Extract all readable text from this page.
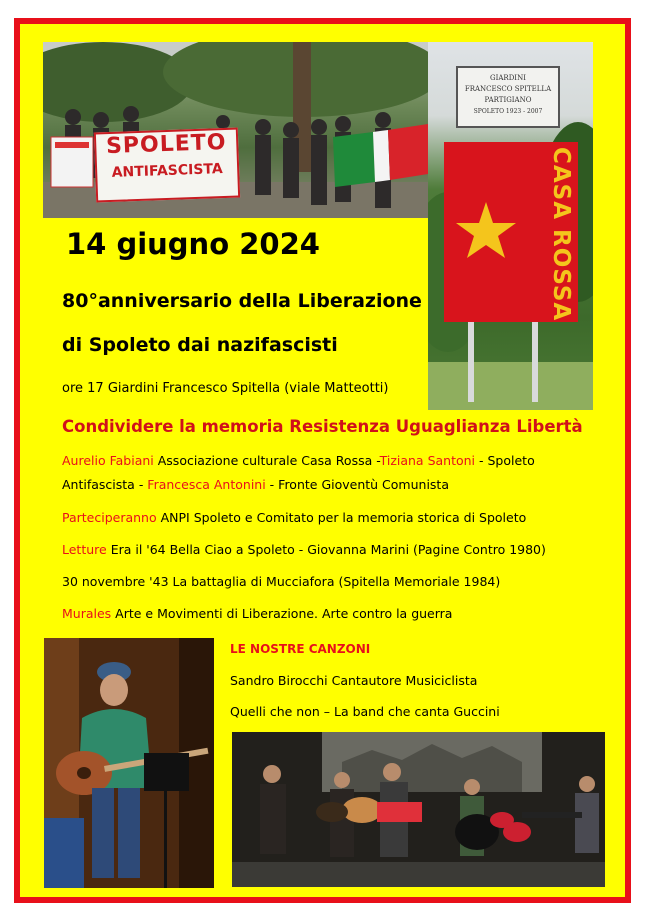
SPOLETO
ANTIFASCISTA
GIARDINI
FRANCESCO SPITELLA
PARTIGIANO
SPOLETO 1923 - 2007
CASA ROSSA
14 giugno 2024
80°anniversario della Liberazione
di Spoleto dai nazifascisti
ore 17 Giardini Francesco Spitella (viale Matteotti)
Condividere la memoria Resistenza Uguaglianza Libertà
Aurelio Fabiani Associazione culturale Casa Rossa -Tiziana Santoni - Spoleto
Antifascista - Francesca Antonini - Fronte Gioventù Comunista
Parteciperanno ANPI Spoleto e Comitato per la memoria storica di Spoleto
Letture Era il '64 Bella Ciao a Spoleto - Giovanna Marini (Pagine Contro 1980)
30 novembre '43 La battaglia di Mucciafora (Spitella Memoriale 1984)
Murales Arte e Movimenti di Liberazione. Arte contro la guerra
LE NOSTRE CANZONI
Sandro Birocchi Cantautore Musiciclista
Quelli che non – La band che canta Guccini
